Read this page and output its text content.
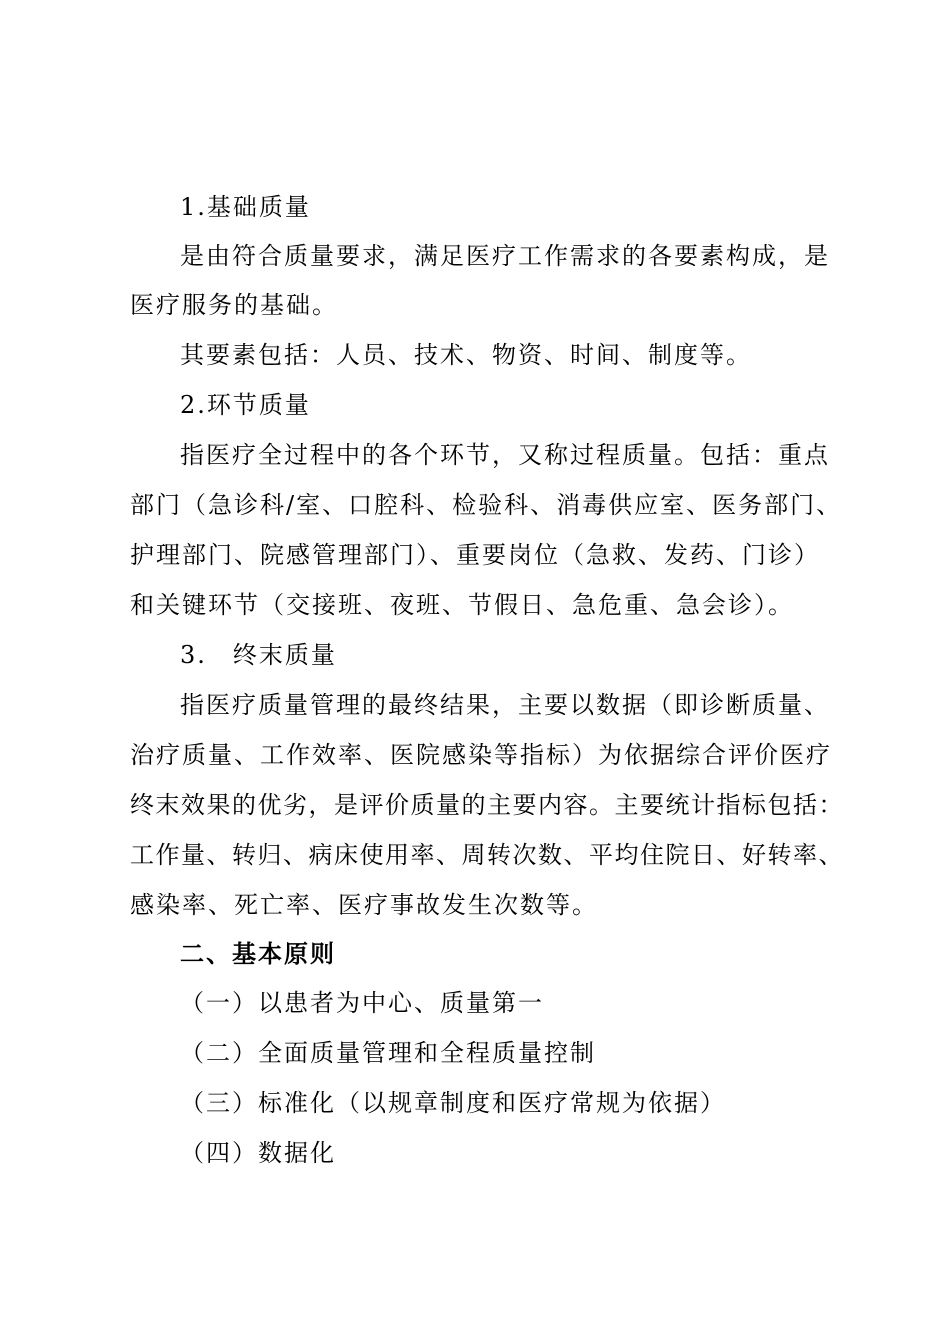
1.基础质量
是由符合质量要求，满足医疗工作需求的各要素构成，是
医疗服务的基础。
其要素包括：人员、技术、物资、时间、制度等。
2.环节质量
指医疗全过程中的各个环节，又称过程质量。包括：重点
部门（急诊科/室、口腔科、检验科、消毒供应室、医务部门、
护理部门、院感管理部门）、重要岗位（急救、发药、门诊）
和关键环节（交接班、夜班、节假日、急危重、急会诊）。
3.　终末质量
指医疗质量管理的最终结果，主要以数据（即诊断质量、
治疗质量、工作效率、医院感染等指标）为依据综合评价医疗
终末效果的优劣，是评价质量的主要内容。主要统计指标包括：
工作量、转归、病床使用率、周转次数、平均住院日、好转率、
感染率、死亡率、医疗事故发生次数等。
二、基本原则
（一）以患者为中心、质量第一
（二）全面质量管理和全程质量控制
（三）标准化（以规章制度和医疗常规为依据）
（四）数据化
